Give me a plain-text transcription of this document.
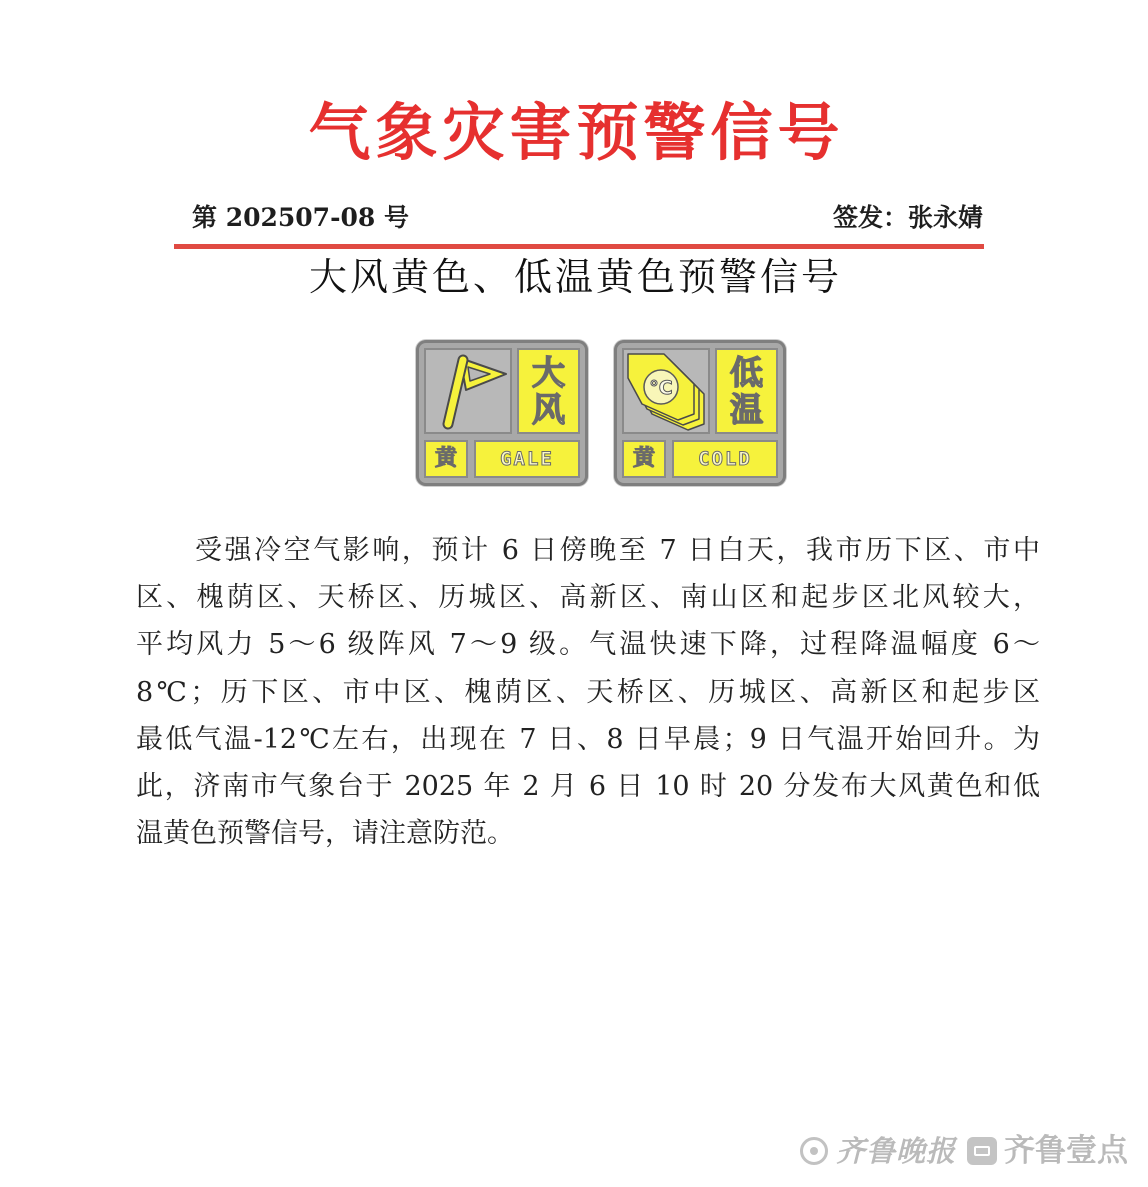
气象灾害预警信号
第 202507-08 号	签发：张永婧
大风黄色、低温黄色预警信号
大风
黄	GALE
°C 低温
黄	COLD
受强冷空气影响，预计 6 日傍晚至 7 日白天，我市历下区、市中
区、槐荫区、天桥区、历城区、高新区、南山区和起步区北风较大，
平均风力 5～6 级阵风 7～9 级。气温快速下降，过程降温幅度 6～
8℃；历下区、市中区、槐荫区、天桥区、历城区、高新区和起步区
最低气温-12℃左右，出现在 7 日、8 日早晨；9 日气温开始回升。为
此，济南市气象台于 2025 年 2 月 6 日 10 时 20 分发布大风黄色和低
温黄色预警信号，请注意防范。
齐鲁晚报 齐鲁壹点
